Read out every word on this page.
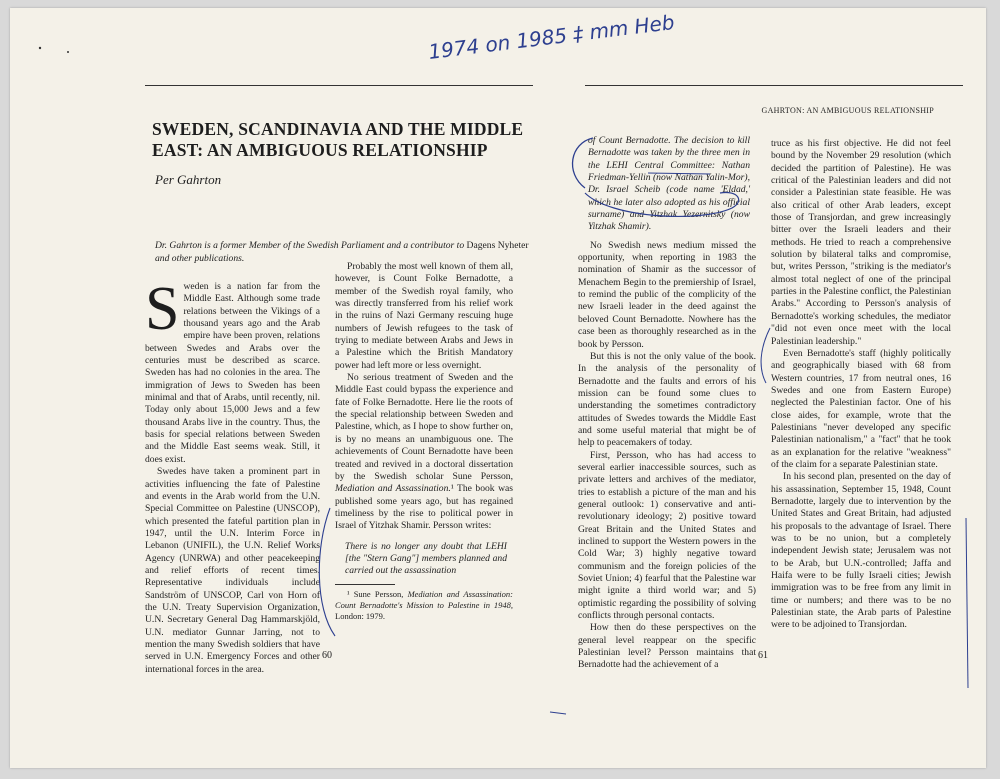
1974 on 1985 ‡ mm Heb
GAHRTON: AN AMBIGUOUS RELATIONSHIP
SWEDEN, SCANDINAVIA AND THE MIDDLE EAST: AN AMBIGUOUS RELATIONSHIP
Per Gahrton
Dr. Gahrton is a former Member of the Swedish Parliament and a contributor to Dagens Nyheter and other publications.

Sweden is a nation far from the Middle East. Although some trade relations between the Vikings of a thousand years ago and the Arab empire have been proven, relations between Swedes and Arabs over the centuries must be described as scarce. Sweden has had no colonies in the area. The immigration of Jews to Sweden has been minimal and that of Arabs, until recently, nil. Today only about 15,000 Jews and a few thousand Arabs live in the country. Thus, the basis for special relations between Sweden and the Middle East seems weak. Still, it does exist.

Swedes have taken a prominent part in activities influencing the fate of Palestine and events in the Arab world from the U.N. Special Committee on Palestine (UNSCOP), which presented the fateful partition plan in 1947, until the U.N. Interim Force in Lebanon (UNIFIL), the U.N. Relief Works Agency (UNRWA) and other peacekeeping and relief efforts of recent times. Representative individuals include Sandström of UNSCOP, Carl von Horn of the U.N. Treaty Supervision Organization, U.N. Secretary General Dag Hammarskjöld, U.N. mediator Gunnar Jarring, not to mention the many Swedish soldiers that have served in U.N. Emergency Forces and other international forces in the area.

Probably the most well known of them all, however, is Count Folke Bernadotte, a member of the Swedish royal family, who was directly transferred from his relief work in the ruins of Nazi Germany rescuing huge numbers of Jewish refugees to the task of trying to mediate between Arabs and Jews in a Palestine which the British Mandatory power had left more or less overnight.

No serious treatment of Sweden and the Middle East could bypass the experience and fate of Folke Bernadotte. Here lie the roots of the special relationship between Sweden and Palestine, which, as I hope to show further on, is by no means an unambiguous one. The achievements of Count Bernadotte have been treated and revived in a doctoral dissertation by the Swedish scholar Sune Persson, Mediation and Assassination.¹ The book was published some years ago, but has regained timeliness by the rise to political power in Israel of Yitzhak Shamir. Persson writes:

There is no longer any doubt that LEHI [the "Stern Gang"] members planned and carried out the assassination

¹ Sune Persson, Mediation and Assassination: Count Bernadotte's Mission to Palestine in 1948, London: 1979.

60

of Count Bernadotte. The decision to kill Bernadotte was taken by the three men in the LEHI Central Committee: Nathan Friedman-Yellin (now Nathan Yalin-Mor), Dr. Israel Scheib (code name 'Eldad,' which he later also adopted as his official surname) and Yitzhak Yezernitsky (now Yitzhak Shamir).

No Swedish news medium missed the opportunity, when reporting in 1983 the nomination of Shamir as the successor of Menachem Begin to the premiership of Israel, to remind the public of the complicity of the new Israeli leader in the deed against the beloved Count Bernadotte. Nowhere has the case been as thoroughly researched as in the book by Persson.

But this is not the only value of the book. In the analysis of the personality of Bernadotte and the faults and errors of his mission can be found some clues to understanding the sometimes contradictory attitudes of Swedes towards the Middle East and some useful material that might be of help to peacemakers of today.

First, Persson, who has had access to several earlier inaccessible sources, such as private letters and archives of the mediator, tries to establish a picture of the man and his general outlook: 1) conservative and anti-revolutionary ideology; 2) positive toward Great Britain and the United States and inclined to support the Western powers in the Cold War; 3) highly negative toward communism and the foreign policies of the Soviet Union; 4) fearful that the Palestine war might ignite a third world war; and 5) optimistic regarding the possibility of solving conflicts through personal contacts.

How then do these perspectives on the general level reappear on the specific Palestinian level? Persson maintains that Bernadotte had the achievement of a

truce as his first objective. He did not feel bound by the November 29 resolution (which decided the partition of Palestine). He was critical of the Palestinian leaders and did not consider a Palestinian state feasible. He was also critical of other Arab leaders, except those of Transjordan, and grew increasingly bitter over the Israeli leaders and their methods. He tried to reach a comprehensive solution by bilateral talks and compromise, but, writes Persson, "striking is the mediator's almost total neglect of one of the principal parties in the Palestine conflict, the Palestinian Arabs." According to Persson's analysis of Bernadotte's working schedules, the mediator "did not even once meet with the local Palestinian leadership."

Even Bernadotte's staff (highly politically and geographically biased with 68 from Western countries, 17 from neutral ones, 16 Swedes and one from Eastern Europe) neglected the Palestinian factor. One of his close aides, for example, wrote that the Palestinians "never developed any specific Palestinian nationalism," a "fact" that he took as an explanation for the relative "weakness" of the claim for a separate Palestinian state.

In his second plan, presented on the day of his assassination, September 15, 1948, Count Bernadotte, largely due to intervention by the United States and Great Britain, had adjusted his proposals to the advantage of Israel. There was to be no union, but a completely independent Jewish state; Jerusalem was not to be Arab, but U.N.-controlled; Jaffa and Haifa were to be fully Israeli cities; Jewish immigration was to be free from any limit in time or numbers; and there was to be no Palestinian state, the Arab parts of Palestine were to be adjoined to Transjordan.

61
